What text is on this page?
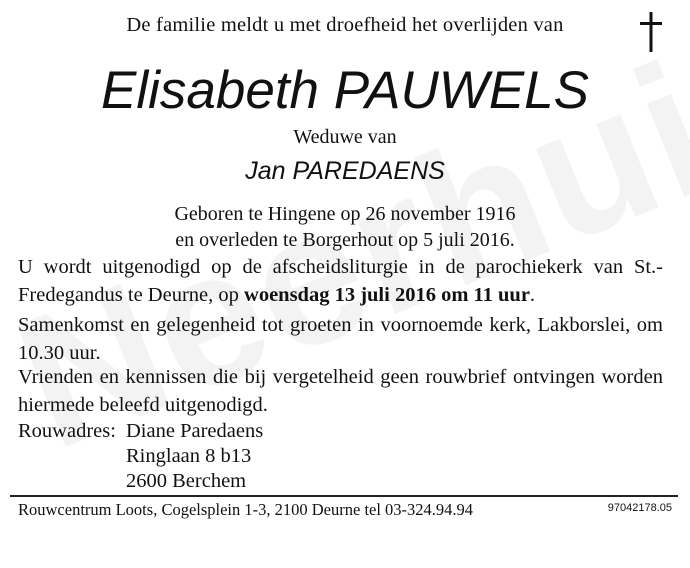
De familie meldt u met droefheid het overlijden van
Elisabeth PAUWELS
Weduwe van
Jan PAREDAENS
Geboren te Hingene op 26 november 1916
en overleden te Borgerhout op 5 juli 2016.
U wordt uitgenodigd op de afscheidsliturgie in de parochiekerk van St.-Fredegandus te Deurne, op woensdag 13 juli 2016 om 11 uur.
Samenkomst en gelegenheid tot groeten in voornoemde kerk, Lakborslei, om 10.30 uur.
Vrienden en kennissen die bij vergetelheid geen rouwbrief ontvingen worden hiermede beleefd uitgenodigd.
Rouwadres: Diane Paredaens
Ringlaan 8 b13
2600 Berchem
Rouwcentrum Loots, Cogelsplein 1-3, 2100 Deurne tel 03-324.94.94	97042178.05
